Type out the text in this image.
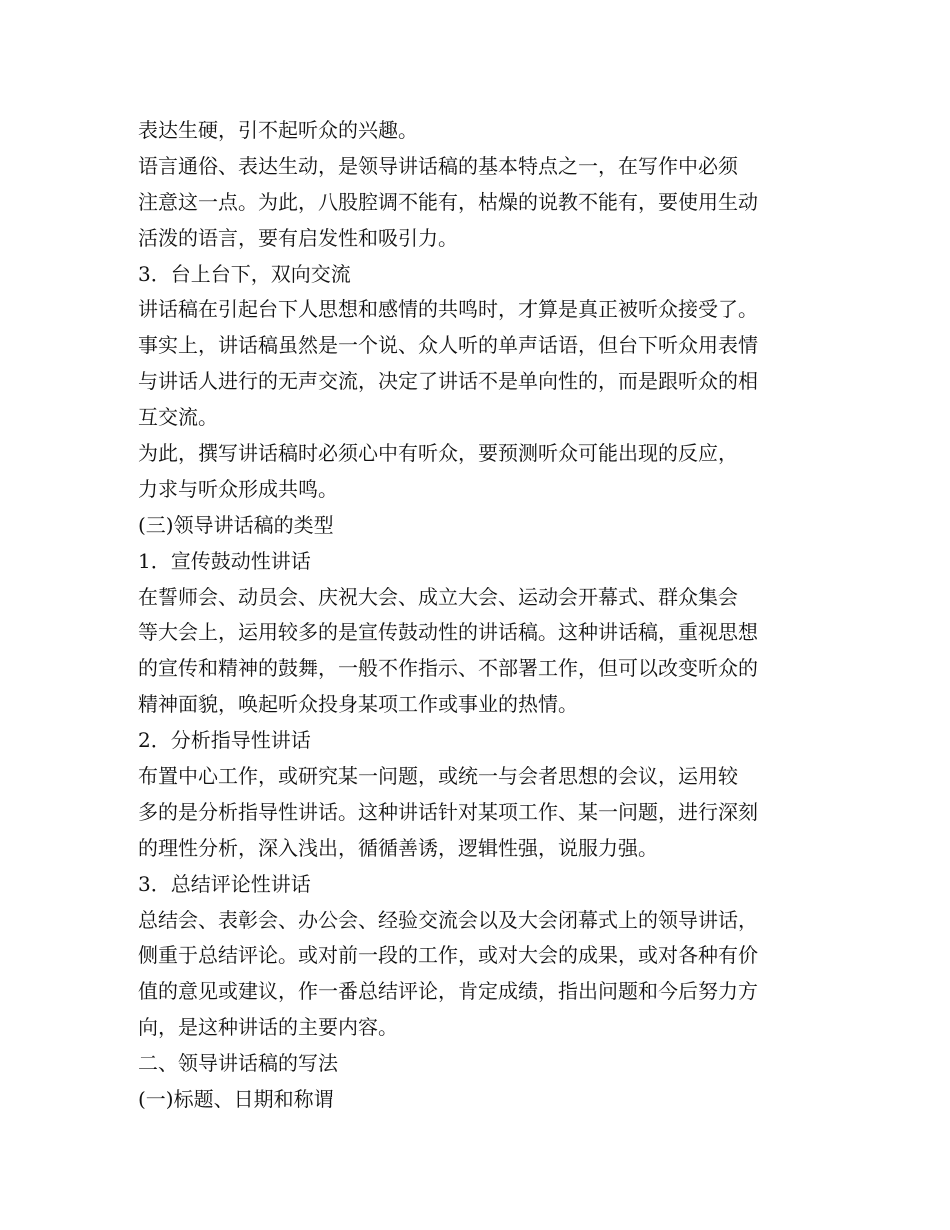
表达生硬，引不起听众的兴趣。
语言通俗、表达生动，是领导讲话稿的基本特点之一，在写作中必须
注意这一点。为此，八股腔调不能有，枯燥的说教不能有，要使用生动
活泼的语言，要有启发性和吸引力。
3．台上台下，双向交流
讲话稿在引起台下人思想和感情的共鸣时，才算是真正被听众接受了。
事实上，讲话稿虽然是一个说、众人听的单声话语，但台下听众用表情
与讲话人进行的无声交流，决定了讲话不是单向性的，而是跟听众的相
互交流。
为此，撰写讲话稿时必须心中有听众，要预测听众可能出现的反应，
力求与听众形成共鸣。
(三)领导讲话稿的类型
1．宣传鼓动性讲话
在誓师会、动员会、庆祝大会、成立大会、运动会开幕式、群众集会
等大会上，运用较多的是宣传鼓动性的讲话稿。这种讲话稿，重视思想
的宣传和精神的鼓舞，一般不作指示、不部署工作，但可以改变听众的
精神面貌，唤起听众投身某项工作或事业的热情。
2．分析指导性讲话
布置中心工作，或研究某一问题，或统一与会者思想的会议，运用较
多的是分析指导性讲话。这种讲话针对某项工作、某一问题，进行深刻
的理性分析，深入浅出，循循善诱，逻辑性强，说服力强。
3．总结评论性讲话
总结会、表彰会、办公会、经验交流会以及大会闭幕式上的领导讲话，
侧重于总结评论。或对前一段的工作，或对大会的成果，或对各种有价
值的意见或建议，作一番总结评论，肯定成绩，指出问题和今后努力方
向，是这种讲话的主要内容。
二、领导讲话稿的写法
(一)标题、日期和称谓
